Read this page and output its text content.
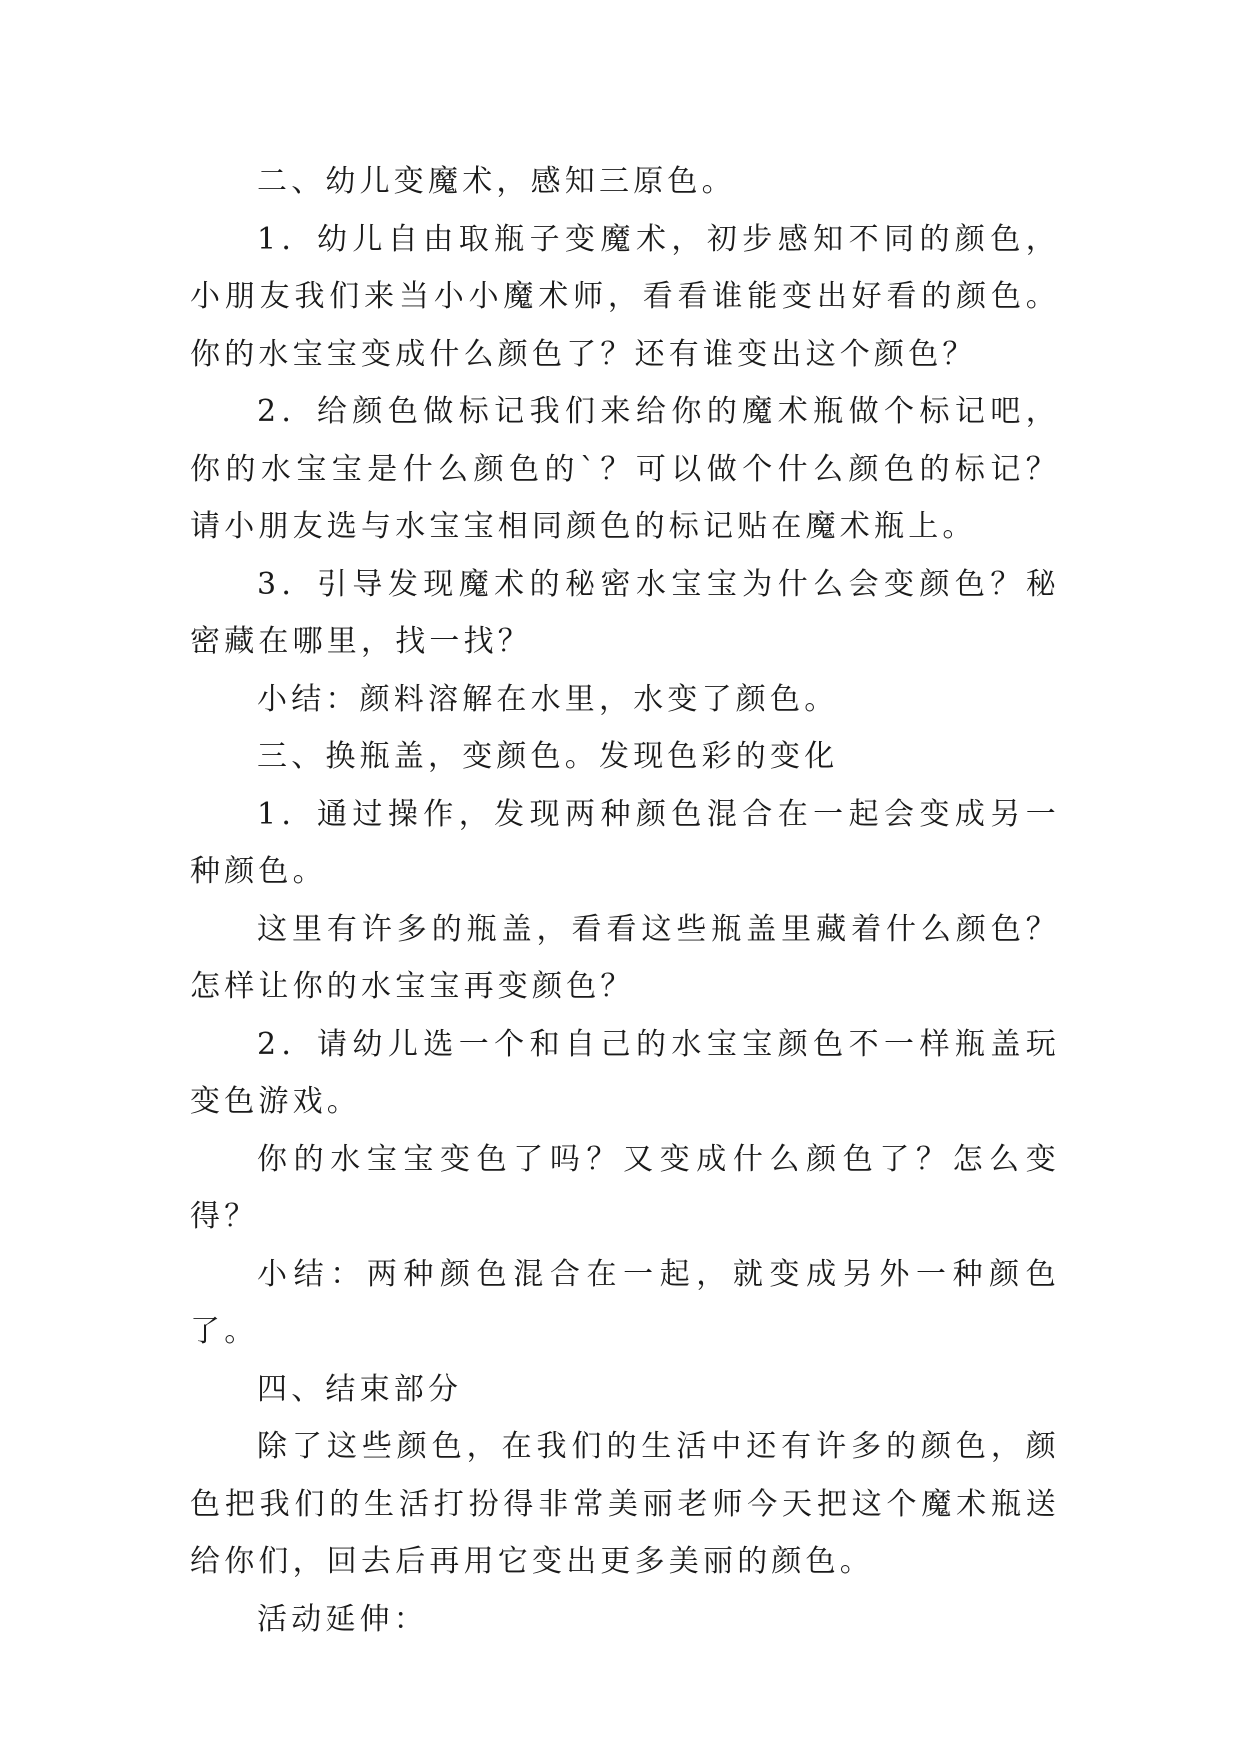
二、幼儿变魔术，感知三原色。

1．幼儿自由取瓶子变魔术，初步感知不同的颜色，小朋友我们来当小小魔术师，看看谁能变出好看的颜色。你的水宝宝变成什么颜色了？还有谁变出这个颜色？

2．给颜色做标记我们来给你的魔术瓶做个标记吧，你的水宝宝是什么颜色的`？可以做个什么颜色的标记？请小朋友选与水宝宝相同颜色的标记贴在魔术瓶上。

3．引导发现魔术的秘密水宝宝为什么会变颜色？秘密藏在哪里，找一找？

小结：颜料溶解在水里，水变了颜色。

三、换瓶盖，变颜色。发现色彩的变化

1．通过操作，发现两种颜色混合在一起会变成另一种颜色。

这里有许多的瓶盖，看看这些瓶盖里藏着什么颜色？怎样让你的水宝宝再变颜色？

2．请幼儿选一个和自己的水宝宝颜色不一样瓶盖玩变色游戏。

你的水宝宝变色了吗？又变成什么颜色了？怎么变得？

小结：两种颜色混合在一起，就变成另外一种颜色了。

四、结束部分

除了这些颜色，在我们的生活中还有许多的颜色，颜色把我们的生活打扮得非常美丽老师今天把这个魔术瓶送给你们，回去后再用它变出更多美丽的颜色。

活动延伸：
